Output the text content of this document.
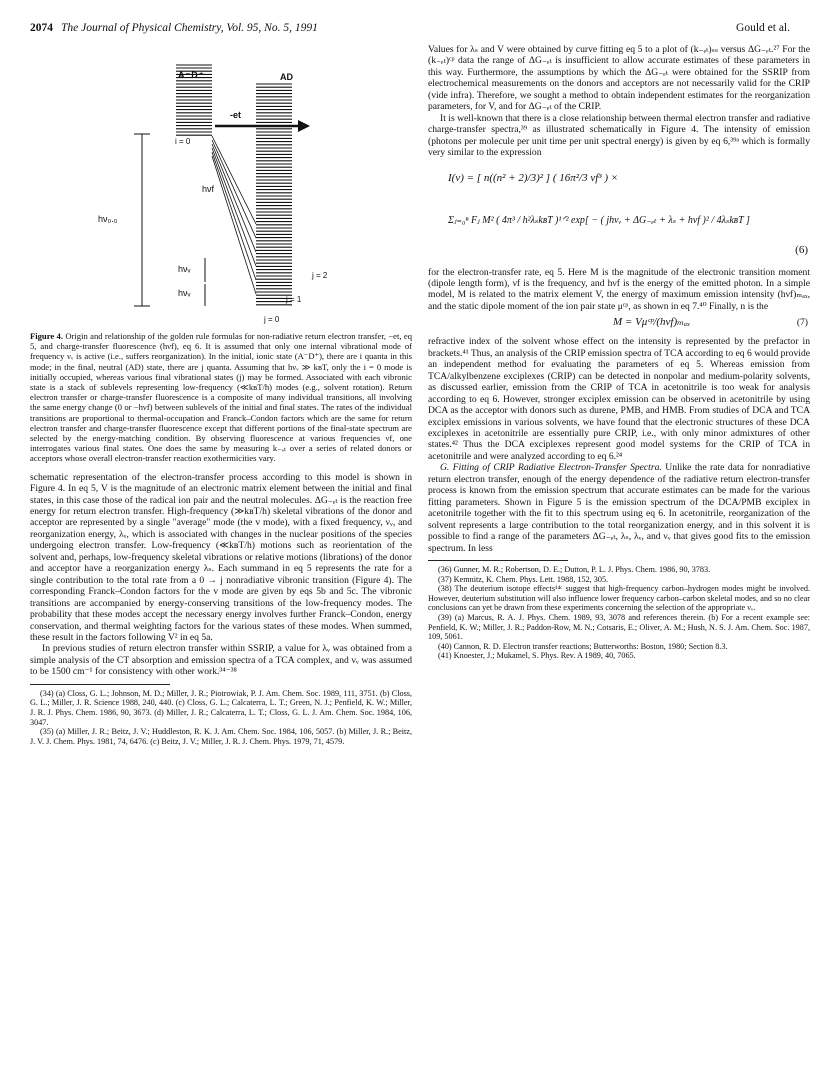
2074 The Journal of Physical Chemistry, Vol. 95, No. 5, 1991	Gould et al.
A⁻D⁺	AD
-et
i = 0
hνf
hν₀.₀
hνᵥ
hνᵥ
j = 2
j = 1
j = 0
Figure 4. Origin and relationship of the golden rule formulas for non-radiative return electron transfer, −et, eq 5, and charge-transfer fluorescence (hνf), eq 6. It is assumed that only one internal vibrational mode of frequency νᵥ is active (i.e., suffers reorganization). In the initial, ionic state (A⁻D⁺), there are i quanta in this mode; in the final, neutral (AD) state, there are j quanta. Assuming that hνᵥ ≫ kʙT, only the i = 0 mode is initially occupied, whereas various final vibrational states (j) may be formed. Associated with each vibronic state is a stack of sublevels representing low-frequency (≪kʙT/h) modes (e.g., solvent rotation). Return electron transfer or charge-transfer fluorescence is a composite of many individual transitions, all involving the same energy change (0 or −hνf) between sublevels of the initial and final states. The rates of the individual transitions are proportional to thermal-occupation and Franck–Condon factors which are the same for return electron transfer and charge-transfer fluorescence except that different portions of the final-state spectrum are selected by the energy-matching condition. By observing fluorescence at various frequencies νf, one interrogates various final states. One does the same by measuring k₋ₑₜ over a series of related donors or acceptors whose overall electron-transfer reaction exothermicities vary.

schematic representation of the electron-transfer process according to this model is shown in Figure 4. In eq 5, V is the magnitude of an electronic matrix element between the initial and final states, in this case those of the radical ion pair and the neutral molecules. ΔG₋ₑₜ is the reaction free energy for return electron transfer. High-frequency (≫kʙT/h) skeletal vibrations of the donor and acceptor are represented by a single "average" mode (the v mode), with a fixed frequency, νᵥ, and reorganization energy, λᵥ, which is associated with changes in the nuclear positions of the species undergoing electron transfer. Low-frequency (≪kʙT/h) motions such as reorientation of the solvent and, perhaps, low-frequency skeletal vibrations or relative motions (librations) of the donor and acceptor have a reorganization energy λₛ. Each summand in eq 5 represents the rate for a single contribution to the total rate from a 0 → j nonradiative vibronic transition (Figure 4). The corresponding Franck–Condon factors for the v mode are given by eqs 5b and 5c. The vibronic transitions are accompanied by energy-conserving transitions of the low-frequency modes. The probability that these modes accept the necessary energy involves further Franck–Condon, energy conservation, and thermal weighting factors for the various states of these modes. When summed, these result in the factors following V² in eq 5a.

In previous studies of return electron transfer within SSRIP, a value for λᵥ was obtained from a simple analysis of the CT absorption and emission spectra of a TCA complex, and νᵥ was assumed to be 1500 cm⁻¹ for consistency with other work.³⁴⁻³⁸

(34) (a) Closs, G. L.; Johnson, M. D.; Miller, J. R.; Piotrowiak, P. J. Am. Chem. Soc. 1989, 111, 3751. (b) Closs, G. L.; Miller, J. R. Science 1988, 240, 440. (c) Closs, G. L.; Calcaterra, L. T.; Green, N. J.; Penfield, K. W.; Miller, J. R. J. Phys. Chem. 1986, 90, 3673. (d) Miller, J. R.; Calcaterra, L. T.; Closs, G. L. J. Am. Chem. Soc. 1984, 106, 3047.

(35) (a) Miller, J. R.; Beitz, J. V.; Huddleston, R. K. J. Am. Chem. Soc. 1984, 106, 5057. (b) Miller, J. R.; Beitz, J. V. J. Chem. Phys. 1981, 74, 6476. (c) Beitz, J. V.; Miller, J. R. J. Chem. Phys. 1979, 71, 4579.

Values for λₛ and V were obtained by curve fitting eq 5 to a plot of (k₋ₑₜ)ₛₛ versus ΔG₋ₑₜ.²⁷ For the (k₋ₑₜ)ᶜᵖ data the range of ΔG₋ₑₜ is insufficient to allow accurate estimates of these parameters in this way. Furthermore, the assumptions by which the ΔG₋ₑₜ were obtained for the SSRIP from electrochemical measurements on the donors and acceptors are not necessarily valid for the CRIP (vide infra). Therefore, we sought a method to obtain independent estimates for the reorganization parameters, for V, and for ΔG₋ₑₜ of the CRIP.

It is well-known that there is a close relationship between thermal electron transfer and radiative charge-transfer spectra,³⁹ as illustrated schematically in Figure 4. The intensity of emission (photons per molecule per unit time per unit spectral energy) is given by eq 6,³⁹ᵃ which is formally very similar to the expression

I(ν) = [ n((n² + 2)/3)² ] ( 16π²/3 νf³ ) ×
Σⱼ₌₀ⁿ Fⱼ M² ( 4π³ / h²λₛkʙT )¹ᐟ² exp[ − ( jhνᵥ + ΔG₋ₑₜ + λₛ + hνf )² / 4λₛkʙT ]
(6)

for the electron-transfer rate, eq 5. Here M is the magnitude of the electronic transition moment (dipole length form), νf is the frequency, and hνf is the energy of the emitted photon. In a simple model, M is related to the matrix element V, the energy of maximum emission intensity (hνf)ₘₐₓ, and the static dipole moment of the ion pair state μᶜᵖ, as shown in eq 7.⁴⁰ Finally, n is the

M = Vμᶜᵖ/(hνf)ₘₐₓ	(7)

refractive index of the solvent whose effect on the intensity is represented by the prefactor in brackets.⁴¹ Thus, an analysis of the CRIP emission spectra of TCA according to eq 6 would provide an independent method for evaluating the parameters of eq 5. Whereas emission from TCA/alkylbenzene exciplexes (CRIP) can be detected in nonpolar and medium-polarity solvents, as discussed earlier, emission from the CRIP of TCA in acetonitrile is too weak for analysis according to eq 6. However, stronger exciplex emission can be observed in acetonitrile by using DCA as the acceptor with donors such as durene, PMB, and HMB. From studies of DCA and TCA exciplex emissions in various solvents, we have found that the electronic structures of these DCA exciplexes in acetonitrile are essentially pure CRIP, i.e., with only minor admixtures of other states.⁴² Thus the DCA exciplexes represent good model systems for the CRIP of TCA in acetonitrile and were analyzed according to eq 6.²⁴

G. Fitting of CRIP Radiative Electron-Transfer Spectra. Unlike the rate data for nonradiative return electron transfer, enough of the energy dependence of the radiative return electron-transfer process is known from the emission spectrum that accurate estimates can be made for the various fitting parameters. Shown in Figure 5 is the emission spectrum of the DCA/PMB exciplex in acetonitrile together with the fit to this spectrum using eq 6. In acetonitrile, reorganization of the solvent represents a large contribution to the total reorganization energy, and in this solvent it is possible to find a range of the parameters ΔG₋ₑₜ, λₛ, λᵥ, and νᵥ that gives good fits to the emission spectrum. In less

(36) Gunner, M. R.; Robertson, D. E.; Dutton, P. L. J. Phys. Chem. 1986, 90, 3783.

(37) Kemnitz, K. Chem. Phys. Lett. 1988, 152, 305.

(38) The deuterium isotope effects¹⁴ᶜ suggest that high-frequency carbon–hydrogen modes might be involved. However, deuterium substitution will also influence lower frequency carbon–carbon skeletal modes, and so no clear conclusions can yet be drawn from these experiments concerning the selection of the appropriate νᵥ.

(39) (a) Marcus, R. A. J. Phys. Chem. 1989, 93, 3078 and references therein. (b) For a recent example see: Penfield, K. W.; Miller, J. R.; Paddon-Row, M. N.; Cotsaris, E.; Oliver, A. M.; Hush, N. S. J. Am. Chem. Soc. 1987, 109, 5061.

(40) Cannon, R. D. Electron transfer reactions; Butterworths: Boston, 1980; Section 8.3.

(41) Knoester, J.; Mukamel, S. Phys. Rev. A 1989, 40, 7065.
